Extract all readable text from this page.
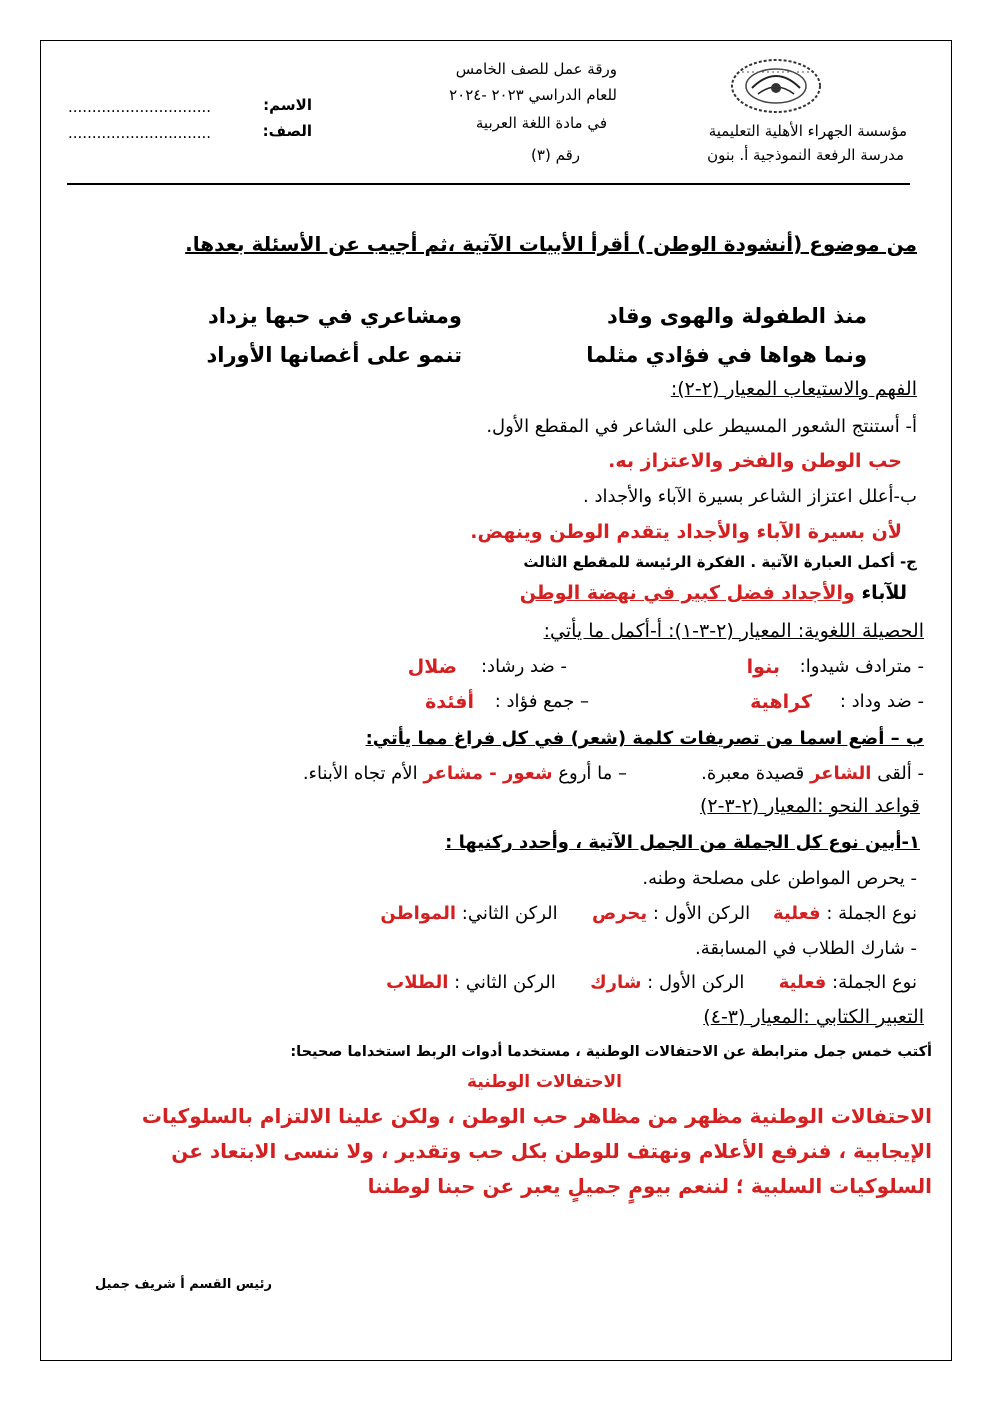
ورقة عمل للصف الخامس
للعام الدراسي ٢٠٢٣ -٢٠٢٤
في مادة اللغة العربية
رقم (٣)
مؤسسة الجهراء الأهلية التعليمية
مدرسة الرفعة النموذجية أ. بنون
الاسم:
..............................
الصف:
..............................
من موضوع (أنشودة الوطن ) أقرأ الأبيات الآتية ،ثم أجيب عن الأسئلة بعدها.
منذ الطفولة والهوى وقاد
ومشاعري في حبها يزداد
ونما هواها في فؤادي مثلما
تنمو على أغصانها الأوراد
الفهم والاستيعاب المعيار (٢-٢):
أ- أستنتج الشعور المسيطر على الشاعر في المقطع الأول.
حب الوطن والفخر والاعتزاز به.
ب-أعلل اعتزاز الشاعر بسيرة الآباء والأجداد .
لأن بسيرة الآباء والأجداد يتقدم الوطن وينهض.
ج- أكمل العبارة الآتية . الفكرة الرئيسة للمقطع الثالث
للآباء والأجداد فضل كبير في نهضة الوطن
الحصيلة اللغوية: المعيار (٢-٣-١): أ-أكمل ما يأتي:
- مترادف شيدوا:
بنوا
- ضد رشاد:
ضلال
- ضد وداد :
كراهية
– جمع فؤاد :
أفئدة
ب – أضع اسما من تصريفات كلمة (شعر) في كل فراغ مما يأتي:
- ألقى الشاعر قصيدة معبرة.
– ما أروع شعور - مشاعر الأم تجاه الأبناء.
قواعد النحو :المعيار (٢-٣-٢)
١-أبين نوع كل الجملة من الجمل الآتية ، وأحدد ركنيها :
- يحرص المواطن على مصلحة وطنه.
نوع الجملة : فعلية    الركن الأول : يحرص      الركن الثاني: المواطن
- شارك الطلاب في المسابقة.
نوع الجملة: فعلية      الركن الأول : شارك      الركن الثاني : الطلاب
التعبير الكتابي :المعيار (٣-٤)
أكتب خمس جمل مترابطة عن الاحتفالات الوطنية ، مستخدما أدوات الربط استخداما صحيحا:
الاحتفالات الوطنية
الاحتفالات الوطنية مظهر من مظاهر حب الوطن ، ولكن علينا الالتزام بالسلوكيات
الإيجابية ، فنرفع الأعلام ونهتف للوطن بكل حب وتقدير ، ولا ننسى الابتعاد عن
السلوكيات السلبية ؛ لننعم بيومٍ جميلٍ يعبر عن حبنا لوطننا
رئيس القسم أ شريف جميل
